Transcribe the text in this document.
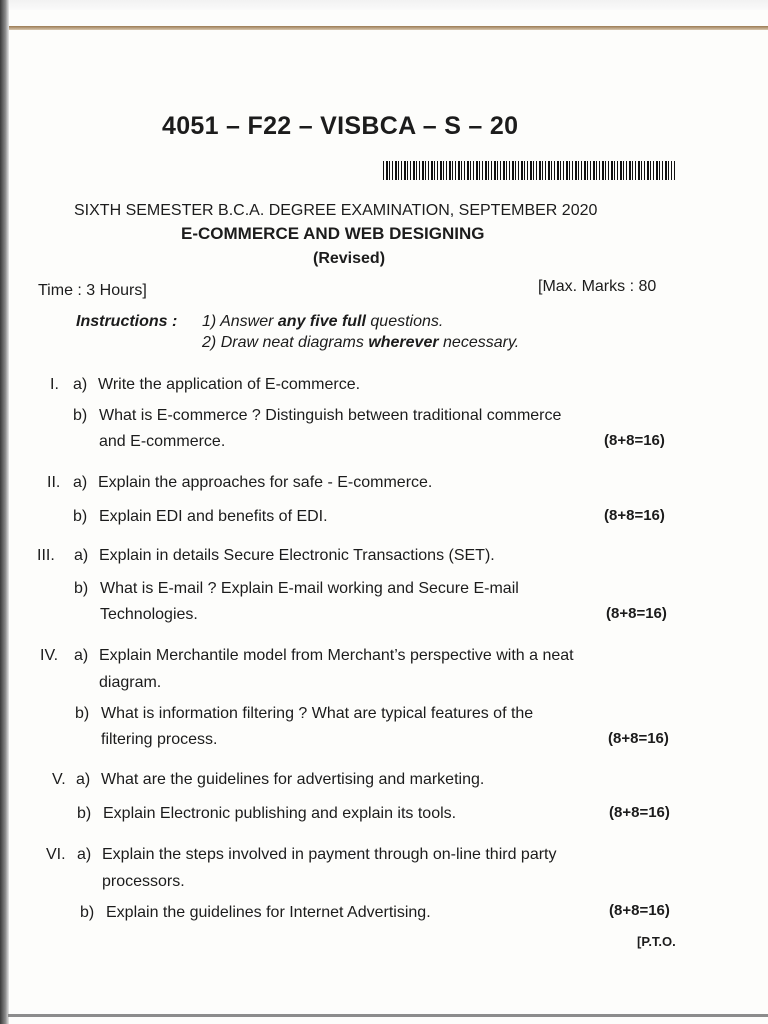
4051 – F22 – VISBCA – S – 20
SIXTH SEMESTER B.C.A. DEGREE EXAMINATION, SEPTEMBER 2020
E-COMMERCE AND WEB DESIGNING
(Revised)
Time : 3 Hours]	[Max. Marks : 80
Instructions : 1) Answer any five full questions.
2) Draw neat diagrams wherever necessary.
I. a) Write the application of E-commerce.
b) What is E-commerce ? Distinguish between traditional commerce
and E-commerce.	(8+8=16)
II. a) Explain the approaches for safe - E-commerce.
b) Explain EDI and benefits of EDI.	(8+8=16)
III. a) Explain in details Secure Electronic Transactions (SET).
b) What is E-mail ? Explain E-mail working and Secure E-mail
Technologies.	(8+8=16)
IV. a) Explain Merchantile model from Merchant’s perspective with a neat
diagram.
b) What is information filtering ? What are typical features of the
filtering process.	(8+8=16)
V. a) What are the guidelines for advertising and marketing.
b) Explain Electronic publishing and explain its tools.	(8+8=16)
VI. a) Explain the steps involved in payment through on-line third party
processors.
b) Explain the guidelines for Internet Advertising.	(8+8=16)
[P.T.O.
